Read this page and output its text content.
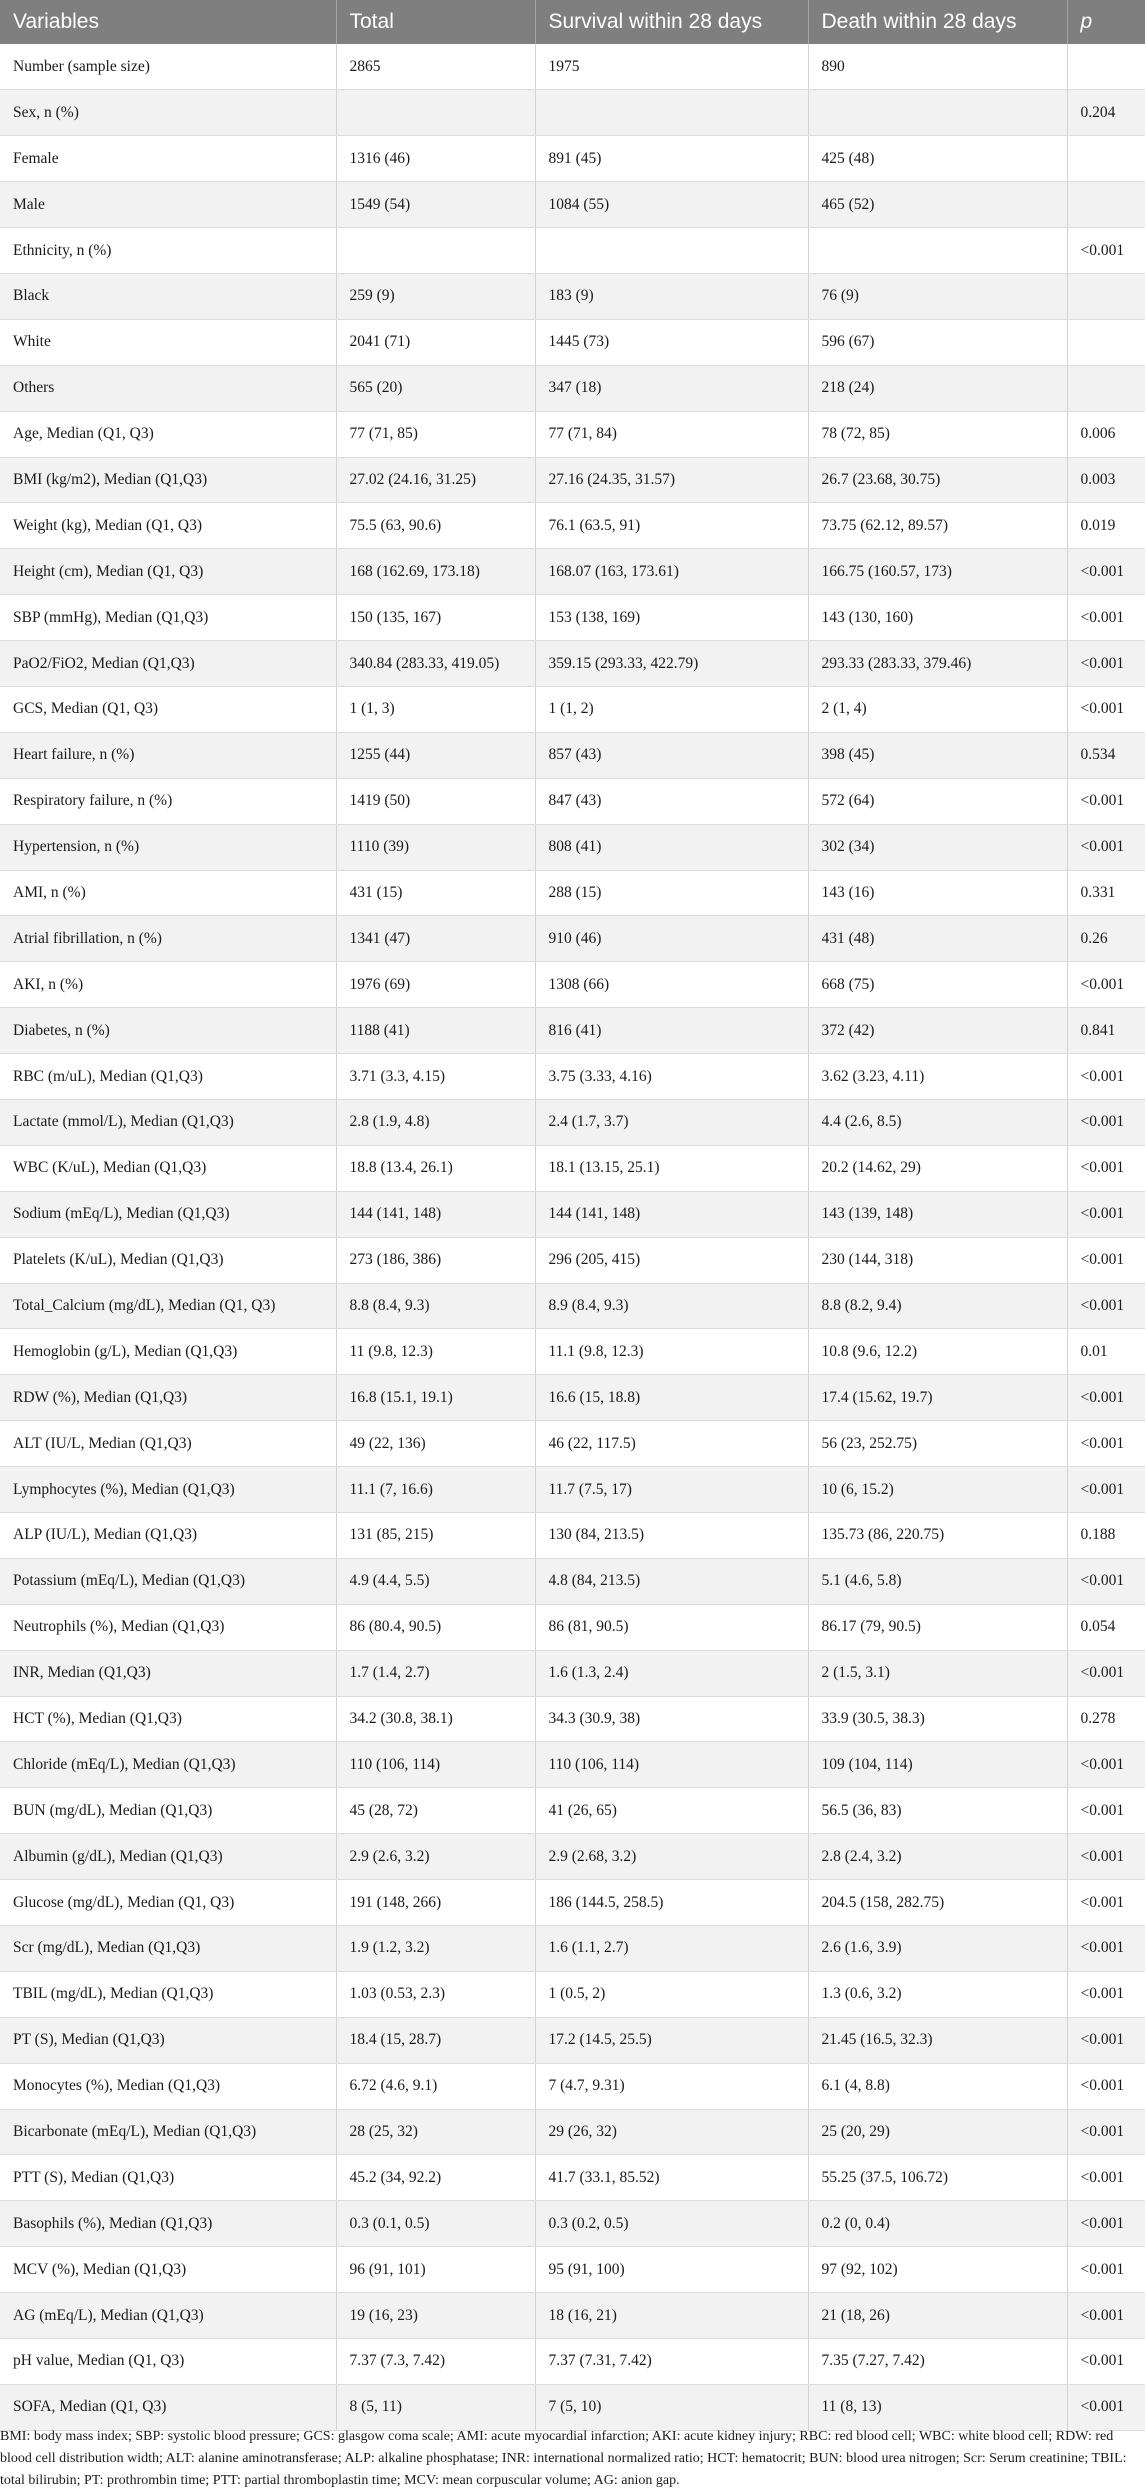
Variables	Total	Survival within 28 days	Death within 28 days	p
Number (sample size)	2865	1975	890	
Sex, n (%)				0.204
Female	1316 (46)	891 (45)	425 (48)	
Male	1549 (54)	1084 (55)	465 (52)	
Ethnicity, n (%)				<0.001
Black	259 (9)	183 (9)	76 (9)	
White	2041 (71)	1445 (73)	596 (67)	
Others	565 (20)	347 (18)	218 (24)	
Age, Median (Q1, Q3)	77 (71, 85)	77 (71, 84)	78 (72, 85)	0.006
BMI (kg/m2), Median (Q1,Q3)	27.02 (24.16, 31.25)	27.16 (24.35, 31.57)	26.7 (23.68, 30.75)	0.003
Weight (kg), Median (Q1, Q3)	75.5 (63, 90.6)	76.1 (63.5, 91)	73.75 (62.12, 89.57)	0.019
Height (cm), Median (Q1, Q3)	168 (162.69, 173.18)	168.07 (163, 173.61)	166.75 (160.57, 173)	<0.001
SBP (mmHg), Median (Q1,Q3)	150 (135, 167)	153 (138, 169)	143 (130, 160)	<0.001
PaO2/FiO2, Median (Q1,Q3)	340.84 (283.33, 419.05)	359.15 (293.33, 422.79)	293.33 (283.33, 379.46)	<0.001
GCS, Median (Q1, Q3)	1 (1, 3)	1 (1, 2)	2 (1, 4)	<0.001
Heart failure, n (%)	1255 (44)	857 (43)	398 (45)	0.534
Respiratory failure, n (%)	1419 (50)	847 (43)	572 (64)	<0.001
Hypertension, n (%)	1110 (39)	808 (41)	302 (34)	<0.001
AMI, n (%)	431 (15)	288 (15)	143 (16)	0.331
Atrial fibrillation, n (%)	1341 (47)	910 (46)	431 (48)	0.26
AKI, n (%)	1976 (69)	1308 (66)	668 (75)	<0.001
Diabetes, n (%)	1188 (41)	816 (41)	372 (42)	0.841
RBC (m/uL), Median (Q1,Q3)	3.71 (3.3, 4.15)	3.75 (3.33, 4.16)	3.62 (3.23, 4.11)	<0.001
Lactate (mmol/L), Median (Q1,Q3)	2.8 (1.9, 4.8)	2.4 (1.7, 3.7)	4.4 (2.6, 8.5)	<0.001
WBC (K/uL), Median (Q1,Q3)	18.8 (13.4, 26.1)	18.1 (13.15, 25.1)	20.2 (14.62, 29)	<0.001
Sodium (mEq/L), Median (Q1,Q3)	144 (141, 148)	144 (141, 148)	143 (139, 148)	<0.001
Platelets (K/uL), Median (Q1,Q3)	273 (186, 386)	296 (205, 415)	230 (144, 318)	<0.001
Total_Calcium (mg/dL), Median (Q1, Q3)	8.8 (8.4, 9.3)	8.9 (8.4, 9.3)	8.8 (8.2, 9.4)	<0.001
Hemoglobin (g/L), Median (Q1,Q3)	11 (9.8, 12.3)	11.1 (9.8, 12.3)	10.8 (9.6, 12.2)	0.01
RDW (%), Median (Q1,Q3)	16.8 (15.1, 19.1)	16.6 (15, 18.8)	17.4 (15.62, 19.7)	<0.001
ALT (IU/L, Median (Q1,Q3)	49 (22, 136)	46 (22, 117.5)	56 (23, 252.75)	<0.001
Lymphocytes (%), Median (Q1,Q3)	11.1 (7, 16.6)	11.7 (7.5, 17)	10 (6, 15.2)	<0.001
ALP (IU/L), Median (Q1,Q3)	131 (85, 215)	130 (84, 213.5)	135.73 (86, 220.75)	0.188
Potassium (mEq/L), Median (Q1,Q3)	4.9 (4.4, 5.5)	4.8 (84, 213.5)	5.1 (4.6, 5.8)	<0.001
Neutrophils (%), Median (Q1,Q3)	86 (80.4, 90.5)	86 (81, 90.5)	86.17 (79, 90.5)	0.054
INR, Median (Q1,Q3)	1.7 (1.4, 2.7)	1.6 (1.3, 2.4)	2 (1.5, 3.1)	<0.001
HCT (%), Median (Q1,Q3)	34.2 (30.8, 38.1)	34.3 (30.9, 38)	33.9 (30.5, 38.3)	0.278
Chloride (mEq/L), Median (Q1,Q3)	110 (106, 114)	110 (106, 114)	109 (104, 114)	<0.001
BUN (mg/dL), Median (Q1,Q3)	45 (28, 72)	41 (26, 65)	56.5 (36, 83)	<0.001
Albumin (g/dL), Median (Q1,Q3)	2.9 (2.6, 3.2)	2.9 (2.68, 3.2)	2.8 (2.4, 3.2)	<0.001
Glucose (mg/dL), Median (Q1, Q3)	191 (148, 266)	186 (144.5, 258.5)	204.5 (158, 282.75)	<0.001
Scr (mg/dL), Median (Q1,Q3)	1.9 (1.2, 3.2)	1.6 (1.1, 2.7)	2.6 (1.6, 3.9)	<0.001
TBIL (mg/dL), Median (Q1,Q3)	1.03 (0.53, 2.3)	1 (0.5, 2)	1.3 (0.6, 3.2)	<0.001
PT (S), Median (Q1,Q3)	18.4 (15, 28.7)	17.2 (14.5, 25.5)	21.45 (16.5, 32.3)	<0.001
Monocytes (%), Median (Q1,Q3)	6.72 (4.6, 9.1)	7 (4.7, 9.31)	6.1 (4, 8.8)	<0.001
Bicarbonate (mEq/L), Median (Q1,Q3)	28 (25, 32)	29 (26, 32)	25 (20, 29)	<0.001
PTT (S), Median (Q1,Q3)	45.2 (34, 92.2)	41.7 (33.1, 85.52)	55.25 (37.5, 106.72)	<0.001
Basophils (%), Median (Q1,Q3)	0.3 (0.1, 0.5)	0.3 (0.2, 0.5)	0.2 (0, 0.4)	<0.001
MCV (%), Median (Q1,Q3)	96 (91, 101)	95 (91, 100)	97 (92, 102)	<0.001
AG (mEq/L), Median (Q1,Q3)	19 (16, 23)	18 (16, 21)	21 (18, 26)	<0.001
pH value, Median (Q1, Q3)	7.37 (7.3, 7.42)	7.37 (7.31, 7.42)	7.35 (7.27, 7.42)	<0.001
SOFA, Median (Q1, Q3)	8 (5, 11)	7 (5, 10)	11 (8, 13)	<0.001
BMI: body mass index; SBP: systolic blood pressure; GCS: glasgow coma scale; AMI: acute myocardial infarction; AKI: acute kidney injury; RBC: red blood cell; WBC: white blood cell; RDW: red blood cell distribution width; ALT: alanine aminotransferase; ALP: alkaline phosphatase; INR: international normalized ratio; HCT: hematocrit; BUN: blood urea nitrogen; Scr: Serum creatinine; TBIL: total bilirubin; PT: prothrombin time; PTT: partial thromboplastin time; MCV: mean corpuscular volume; AG: anion gap.
